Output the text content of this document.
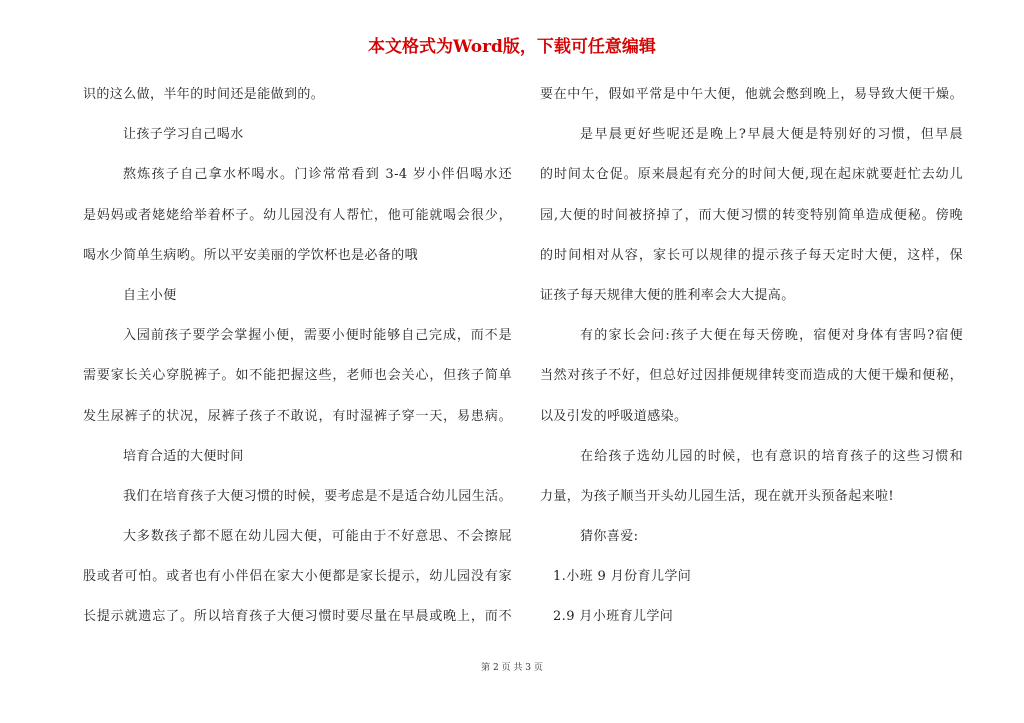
本文格式为Word版，下载可任意编辑
识的这么做，半年的时间还是能做到的。
让孩子学习自己喝水
熬炼孩子自己拿水杯喝水。门诊常常看到 3-4 岁小伴侣喝水还
是妈妈或者姥姥给举着杯子。幼儿园没有人帮忙，他可能就喝会很少，
喝水少简单生病哟。所以平安美丽的学饮杯也是必备的哦
自主小便
入园前孩子要学会掌握小便，需要小便时能够自己完成，而不是
需要家长关心穿脱裤子。如不能把握这些，老师也会关心，但孩子简单
发生尿裤子的状况，尿裤子孩子不敢说，有时湿裤子穿一天，易患病。
培育合适的大便时间
我们在培育孩子大便习惯的时候，要考虑是不是适合幼儿园生活。
大多数孩子都不愿在幼儿园大便，可能由于不好意思、不会擦屁
股或者可怕。或者也有小伴侣在家大小便都是家长提示，幼儿园没有家
长提示就遗忘了。所以培育孩子大便习惯时要尽量在早晨或晚上，而不
要在中午，假如平常是中午大便，他就会憋到晚上，易导致大便干燥。
是早晨更好些呢还是晚上?早晨大便是特别好的习惯，但早晨
的时间太仓促。原来晨起有充分的时间大便,现在起床就要赶忙去幼儿
园,大便的时间被挤掉了，而大便习惯的转变特别简单造成便秘。傍晚
的时间相对从容，家长可以规律的提示孩子每天定时大便，这样，保
证孩子每天规律大便的胜利率会大大提高。
有的家长会问:孩子大便在每天傍晚，宿便对身体有害吗?宿便
当然对孩子不好，但总好过因排便规律转变而造成的大便干燥和便秘，
以及引发的呼吸道感染。
在给孩子选幼儿园的时候，也有意识的培育孩子的这些习惯和
力量，为孩子顺当开头幼儿园生活，现在就开头预备起来啦!
猜你喜爱:
1.小班 9 月份育儿学问
2.9 月小班育儿学问
第 2 页 共 3 页
